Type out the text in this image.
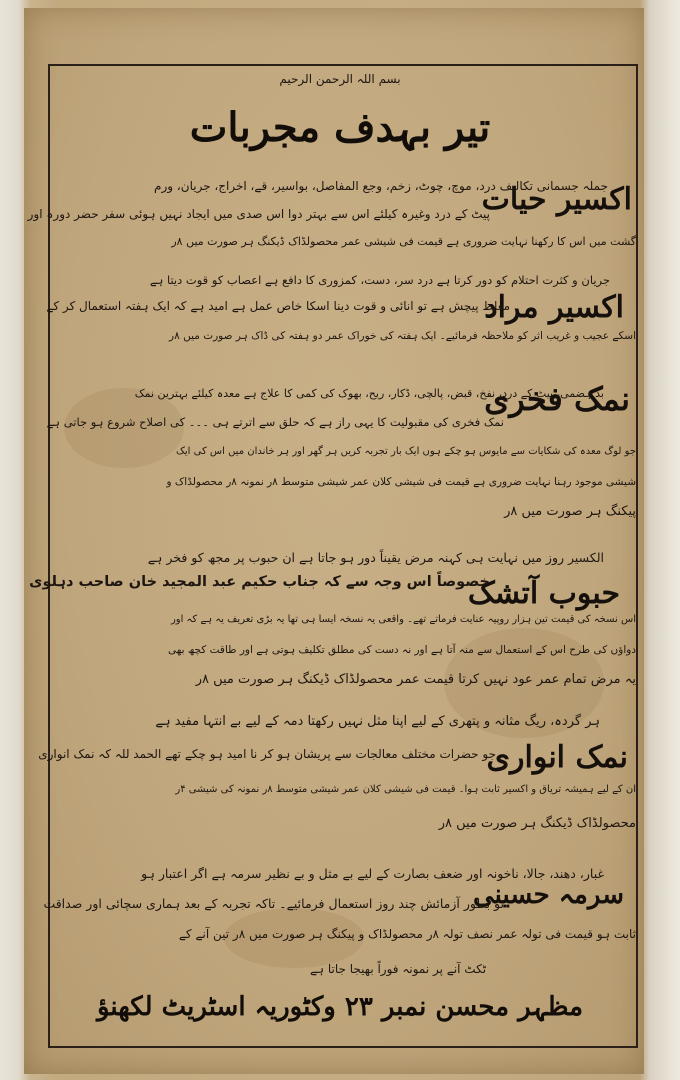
بسم اللہ الرحمن الرحیم
تیر بہدف مجربات
اکسیر حیات
جملہ جسمانی تکالیف درد، موچ، چوٹ، زخم، وجع المفاصل، بواسیر، قے، اخراج، جریان، ورم
پیٹ کے درد وغیرہ کیلئے اس سے بہتر دوا اس صدی میں ایجاد نہیں ہوئی سفر حضر دورہ اور
گشت میں اس کا رکھنا نہایت ضروری ہے قیمت فی شیشی عمر محصولڈاک ڈیکنگ ہر صورت میں ۸ر
اکسیر مراد
جریان و کثرت احتلام کو دور کرتا ہے درد سر، دست، کمزوری کا دافع ہے اعصاب کو قوت دیتا ہے
مغلظ پیچش ہے تو انائی و قوت دینا اسکا خاص عمل ہے امید ہے کہ ایک ہفتہ استعمال کر کے
اسکے عجیب و غریب اثر کو ملاحظہ فرمائیے۔ ایک ہفتہ کی خوراک عمر دو ہفتہ کی ڈاک ہر صورت میں ۸ر
نمک فخری
بد ہضمی، پیٹ کے درد، نفخ، قبض، پالچی، ڈکار، ریح، بھوک کی کمی کا علاج ہے معدہ کیلئے بہترین نمک
نمک فخری کی مقبولیت کا یہی راز ہے کہ حلق سے اترتے ہی ۔۔۔ کی اصلاح شروع ہو جاتی ہے
جو لوگ معدہ کی شکایات سے مایوس ہو چکے ہوں ایک بار تجربہ کریں ہر گھر اور ہر خاندان میں اس کی ایک
شیشی موجود رہنا نہایت ضروری ہے قیمت فی شیشی کلان عمر شیشی متوسط ۸ر نمونہ ۸ر محصولڈاک و
پیکنگ ہر صورت میں ۸ر
حبوب آتشک
الکسیر روز میں نہایت ہی کہنہ مرض یقیناً دور ہو جاتا ہے ان حبوب پر مجھ کو فخر ہے
خصوصاً اس وجہ سے کہ جناب حکیم عبد المجید خان صاحب دہلوی
اس نسخہ کی قیمت تین ہزار روپیہ عنایت فرماتے تھے۔ واقعی یہ نسخہ ایسا ہی تھا یہ بڑی تعریف یہ ہے کہ اور
دواؤں کی طرح اس کے استعمال سے منہ آتا ہے اور نہ دست کی مطلق تکلیف ہوتی ہے اور طاقت کچھ بھی
یہ مرض تمام عمر عود نہیں کرتا قیمت عمر محصولڈاک ڈیکنگ ہر صورت میں ۸ر
نمک انواری
ہر گردہ، ریگ مثانہ و پتھری کے لیے اپنا مثل نہیں رکھتا دمہ کے لیے بے انتہا مفید ہے
جو حضرات مختلف معالجات سے پریشان ہو کر نا امید ہو چکے تھے الحمد للہ کہ نمک انواری
ان کے لیے ہمیشہ تریاق و اکسیر ثابت ہوا۔ قیمت فی شیشی کلان عمر شیشی متوسط ۸ر نمونہ کی شیشی ۴ر
محصولڈاک ڈیکنگ ہر صورت میں ۸ر
سرمہ حسینی
غبار، دھند، جالا، ناخونہ اور ضعف بصارت کے لیے بے مثل و بے نظیر سرمہ ہے اگر اعتبار ہو
تو بطور آزمائش چند روز استعمال فرمائیے۔ تاکہ تجربہ کے بعد ہماری سچائی اور صداقت
ثابت ہو قیمت فی تولہ عمر نصف تولہ ۸ر محصولڈاک و پیکنگ ہر صورت میں ۸ر تین آنے کے
ٹکٹ آنے پر نمونہ فوراً بھیجا جاتا ہے
مظہر محسن نمبر ۲۳ وکٹوریہ اسٹریٹ لکھنؤ
